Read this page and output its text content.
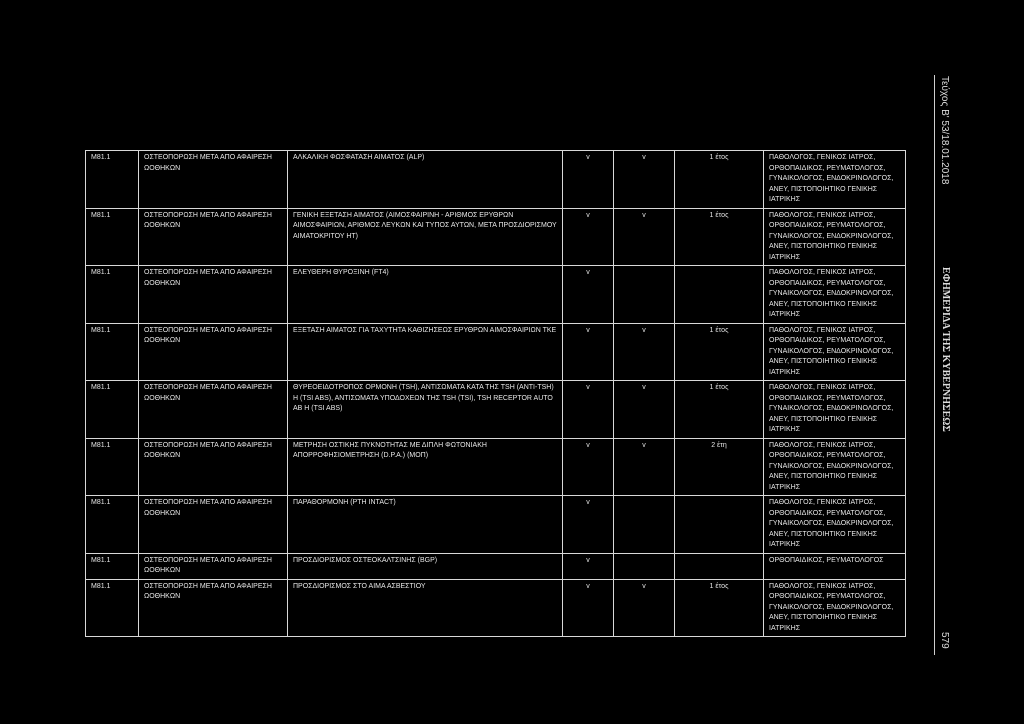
M81.1	ΟΣΤΕΟΠΟΡΩΣΗ ΜΕΤΑ ΑΠΟ ΑΦΑΙΡΕΣΗ ΩΟΘΗΚΩΝ	ΑΛΚΑΛΙΚΗ ΦΩΣΦΑΤΑΣΗ ΑΙΜΑΤΟΣ (ALP)	v	v	1 έτος	ΠΑΘΟΛΟΓΟΣ, ΓΕΝΙΚΟΣ ΙΑΤΡΟΣ, ΟΡΘΟΠΑΙΔΙΚΟΣ, ΡΕΥΜΑΤΟΛΟΓΟΣ, ΓΥΝΑΙΚΟΛΟΓΟΣ, ΕΝΔΟΚΡΙΝΟΛΟΓΟΣ, ΑΝΕΥ, ΠΙΣΤΟΠΟΙΗΤΙΚΟ ΓΕΝΙΚΗΣ ΙΑΤΡΙΚΗΣ
M81.1	ΟΣΤΕΟΠΟΡΩΣΗ ΜΕΤΑ ΑΠΟ ΑΦΑΙΡΕΣΗ ΩΟΘΗΚΩΝ	ΓΕΝΙΚΗ ΕΞΕΤΑΣΗ ΑΙΜΑΤΟΣ (ΑΙΜΟΣΦΑΙΡΙΝΗ - ΑΡΙΘΜΟΣ ΕΡΥΘΡΩΝ ΑΙΜΟΣΦΑΙΡΙΩΝ, ΑΡΙΘΜΟΣ ΛΕΥΚΩΝ ΚΑΙ ΤΥΠΟΣ ΑΥΤΩΝ, ΜΕΤΑ ΠΡΟΣΔΙΟΡΙΣΜΟΥ ΑΙΜΑΤΟΚΡΙΤΟΥ HT)	v	v	1 έτος	ΠΑΘΟΛΟΓΟΣ, ΓΕΝΙΚΟΣ ΙΑΤΡΟΣ, ΟΡΘΟΠΑΙΔΙΚΟΣ, ΡΕΥΜΑΤΟΛΟΓΟΣ, ΓΥΝΑΙΚΟΛΟΓΟΣ, ΕΝΔΟΚΡΙΝΟΛΟΓΟΣ, ΑΝΕΥ, ΠΙΣΤΟΠΟΙΗΤΙΚΟ ΓΕΝΙΚΗΣ ΙΑΤΡΙΚΗΣ
M81.1	ΟΣΤΕΟΠΟΡΩΣΗ ΜΕΤΑ ΑΠΟ ΑΦΑΙΡΕΣΗ ΩΟΘΗΚΩΝ	ΕΛΕΥΘΕΡΗ ΘΥΡΟΞΙΝΗ (FT4)	v			ΠΑΘΟΛΟΓΟΣ, ΓΕΝΙΚΟΣ ΙΑΤΡΟΣ, ΟΡΘΟΠΑΙΔΙΚΟΣ, ΡΕΥΜΑΤΟΛΟΓΟΣ, ΓΥΝΑΙΚΟΛΟΓΟΣ, ΕΝΔΟΚΡΙΝΟΛΟΓΟΣ, ΑΝΕΥ, ΠΙΣΤΟΠΟΙΗΤΙΚΟ ΓΕΝΙΚΗΣ ΙΑΤΡΙΚΗΣ
M81.1	ΟΣΤΕΟΠΟΡΩΣΗ ΜΕΤΑ ΑΠΟ ΑΦΑΙΡΕΣΗ ΩΟΘΗΚΩΝ	ΕΞΕΤΑΣΗ ΑΙΜΑΤΟΣ ΓΙΑ ΤΑΧΥΤΗΤΑ ΚΑΘΙΖΗΣΕΩΣ ΕΡΥΘΡΩΝ ΑΙΜΟΣΦΑΙΡΙΩΝ ΤΚΕ	v	v	1 έτος	ΠΑΘΟΛΟΓΟΣ, ΓΕΝΙΚΟΣ ΙΑΤΡΟΣ, ΟΡΘΟΠΑΙΔΙΚΟΣ, ΡΕΥΜΑΤΟΛΟΓΟΣ, ΓΥΝΑΙΚΟΛΟΓΟΣ, ΕΝΔΟΚΡΙΝΟΛΟΓΟΣ, ΑΝΕΥ, ΠΙΣΤΟΠΟΙΗΤΙΚΟ ΓΕΝΙΚΗΣ ΙΑΤΡΙΚΗΣ
M81.1	ΟΣΤΕΟΠΟΡΩΣΗ ΜΕΤΑ ΑΠΟ ΑΦΑΙΡΕΣΗ ΩΟΘΗΚΩΝ	ΘΥΡΕΟΕΙΔΟΤΡΟΠΟΣ ΟΡΜΟΝΗ (TSH), ΑΝΤΙΣΩΜΑΤΑ ΚΑΤΑ ΤΗΣ TSH (ANTI-TSH) Η (TSI ABS), ΑΝΤΙΣΩΜΑΤΑ ΥΠΟΔΟΧΕΩΝ ΤΗΣ TSH (TSI), TSH RECEPTOR AUTO AB H (TSI ABS)	v	v	1 έτος	ΠΑΘΟΛΟΓΟΣ, ΓΕΝΙΚΟΣ ΙΑΤΡΟΣ, ΟΡΘΟΠΑΙΔΙΚΟΣ, ΡΕΥΜΑΤΟΛΟΓΟΣ, ΓΥΝΑΙΚΟΛΟΓΟΣ, ΕΝΔΟΚΡΙΝΟΛΟΓΟΣ, ΑΝΕΥ, ΠΙΣΤΟΠΟΙΗΤΙΚΟ ΓΕΝΙΚΗΣ ΙΑΤΡΙΚΗΣ
M81.1	ΟΣΤΕΟΠΟΡΩΣΗ ΜΕΤΑ ΑΠΟ ΑΦΑΙΡΕΣΗ ΩΟΘΗΚΩΝ	ΜΕΤΡΗΣΗ ΟΣΤΙΚΗΣ ΠΥΚΝΟΤΗΤΑΣ ΜΕ ΔΙΠΛΗ ΦΩΤΟΝΙΑΚΗ ΑΠΟΡΡΟΦΗΣΙΟΜΕΤΡΗΣΗ (D.P.A.) (ΜΟΠ)	v	v	2 έτη	ΠΑΘΟΛΟΓΟΣ, ΓΕΝΙΚΟΣ ΙΑΤΡΟΣ, ΟΡΘΟΠΑΙΔΙΚΟΣ, ΡΕΥΜΑΤΟΛΟΓΟΣ, ΓΥΝΑΙΚΟΛΟΓΟΣ, ΕΝΔΟΚΡΙΝΟΛΟΓΟΣ, ΑΝΕΥ, ΠΙΣΤΟΠΟΙΗΤΙΚΟ ΓΕΝΙΚΗΣ ΙΑΤΡΙΚΗΣ
M81.1	ΟΣΤΕΟΠΟΡΩΣΗ ΜΕΤΑ ΑΠΟ ΑΦΑΙΡΕΣΗ ΩΟΘΗΚΩΝ	ΠΑΡΑΘΟΡΜΟΝΗ (PTH INTACT)	v			ΠΑΘΟΛΟΓΟΣ, ΓΕΝΙΚΟΣ ΙΑΤΡΟΣ, ΟΡΘΟΠΑΙΔΙΚΟΣ, ΡΕΥΜΑΤΟΛΟΓΟΣ, ΓΥΝΑΙΚΟΛΟΓΟΣ, ΕΝΔΟΚΡΙΝΟΛΟΓΟΣ, ΑΝΕΥ, ΠΙΣΤΟΠΟΙΗΤΙΚΟ ΓΕΝΙΚΗΣ ΙΑΤΡΙΚΗΣ
M81.1	ΟΣΤΕΟΠΟΡΩΣΗ ΜΕΤΑ ΑΠΟ ΑΦΑΙΡΕΣΗ ΩΟΘΗΚΩΝ	ΠΡΟΣΔΙΟΡΙΣΜΟΣ ΟΣΤΕΟΚΑΛΤΣΙΝΗΣ (BGP)	v			ΟΡΘΟΠΑΙΔΙΚΟΣ, ΡΕΥΜΑΤΟΛΟΓΟΣ
M81.1	ΟΣΤΕΟΠΟΡΩΣΗ ΜΕΤΑ ΑΠΟ ΑΦΑΙΡΕΣΗ ΩΟΘΗΚΩΝ	ΠΡΟΣΔΙΟΡΙΣΜΟΣ ΣΤΟ ΑΙΜΑ ΑΣΒΕΣΤΙΟΥ	v	v	1 έτος	ΠΑΘΟΛΟΓΟΣ, ΓΕΝΙΚΟΣ ΙΑΤΡΟΣ, ΟΡΘΟΠΑΙΔΙΚΟΣ, ΡΕΥΜΑΤΟΛΟΓΟΣ, ΓΥΝΑΙΚΟΛΟΓΟΣ, ΕΝΔΟΚΡΙΝΟΛΟΓΟΣ, ΑΝΕΥ, ΠΙΣΤΟΠΟΙΗΤΙΚΟ ΓΕΝΙΚΗΣ ΙΑΤΡΙΚΗΣ
Τεύχος Β' 53/18.01.2018
ΕΦΗΜΕΡΙΔΑ ΤΗΣ ΚΥΒΕΡΝΗΣΕΩΣ
579
